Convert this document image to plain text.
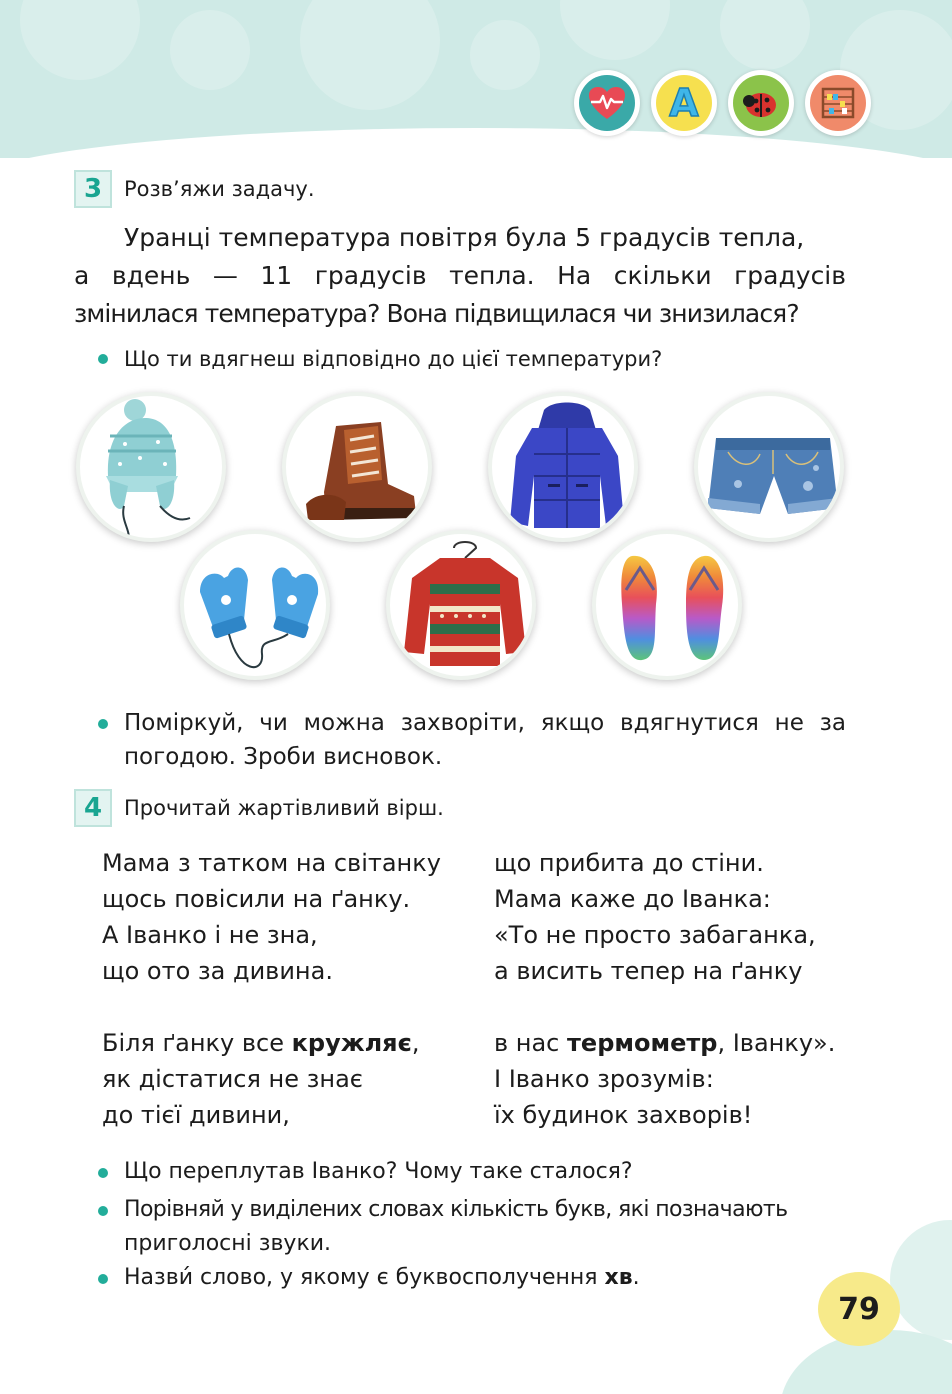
A
3	Розв’яжи задачу.
Уранці температура повітря була 5 градусів тепла,
а вдень — 11 градусів тепла. На скільки градусів
змінилася температура? Вона підвищилася чи знизилася?
Що ти вдягнеш відповідно до цієї температури?
Поміркуй, чи можна захворіти, якщо вдягнутися не за
погодою. Зроби висновок.
4	Прочитай жартівливий вірш.
Мама з татком на світанку
щось повісили на ґанку.
А Іванко і не зна,
що ото за дивина.
Біля ґанку все кружляє,
як дістатися не знає
до тієї дивини,
що прибита до стіни.
Мама каже до Іванка:
«То не просто забаганка,
а висить тепер на ґанку
в нас термометр, Іванку».
І Іванко зрозумів:
їх будинок захворів!
Що переплутав Іванко? Чому таке сталося?
Порівняй у виділених словах кількість букв, які позначають
приголосні звуки.
Назви́ слово, у якому є буквосполучення хв.
79
